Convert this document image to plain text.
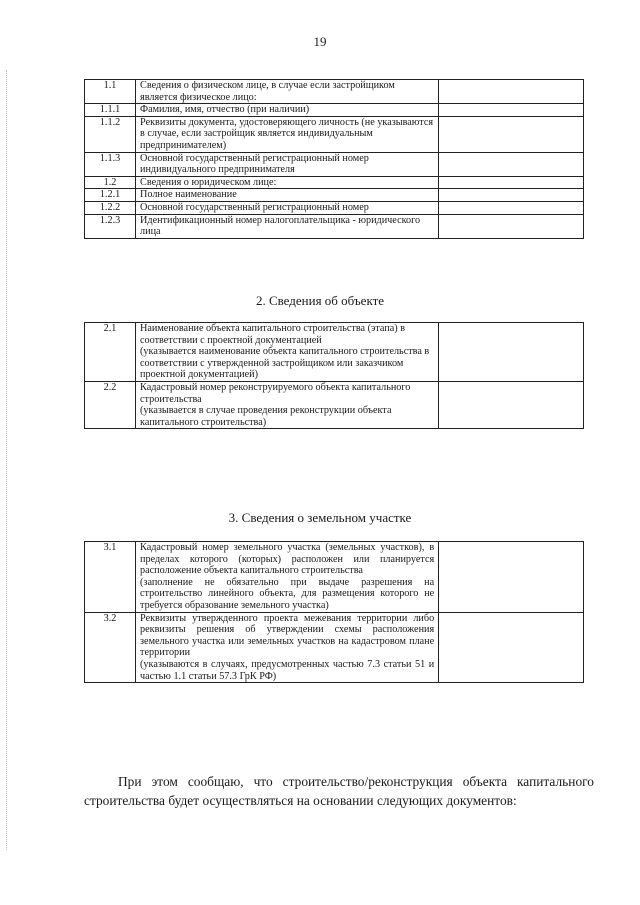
19
1.1	Сведения о физическом лице, в случае если застройщиком является физическое лицо:	
1.1.1	Фамилия, имя, отчество (при наличии)	
1.1.2	Реквизиты документа, удостоверяющего личность (не указываются в случае, если застройщик является индивидуальным предпринимателем)	
1.1.3	Основной государственный регистрационный номер индивидуального предпринимателя	
1.2	Сведения о юридическом лице:	
1.2.1	Полное наименование	
1.2.2	Основной государственный регистрационный номер	
1.2.3	Идентификационный номер налогоплательщика - юридического лица	
2. Сведения об объекте
2.1	Наименование объекта капитального строительства (этапа) в соответствии с проектной документацией
(указывается наименование объекта капитального строительства в соответствии с утвержденной застройщиком или заказчиком проектной документацией)	

2.2	Кадастровый номер реконструируемого объекта капитального строительства
(указывается в случае проведения реконструкции объекта капитального строительства)	

3. Сведения о земельном участке
3.1	Кадастровый номер земельного участка (земельных участков), в пределах которого (которых) расположен или планируется расположение объекта капитального строительства
(заполнение не обязательно при выдаче разрешения на строительство линейного объекта, для размещения которого не требуется образование земельного участка)	

3.2	Реквизиты утвержденного проекта межевания территории либо реквизиты решения об утверждении схемы расположения земельного участка или земельных участков на кадастровом плане территории
(указываются в случаях, предусмотренных частью 7.3 статьи 51 и частью 1.1 статьи 57.3 ГрК РФ)	

При этом сообщаю, что строительство/реконструкция объекта капитального строительства будет осуществляться на основании следующих документов:
